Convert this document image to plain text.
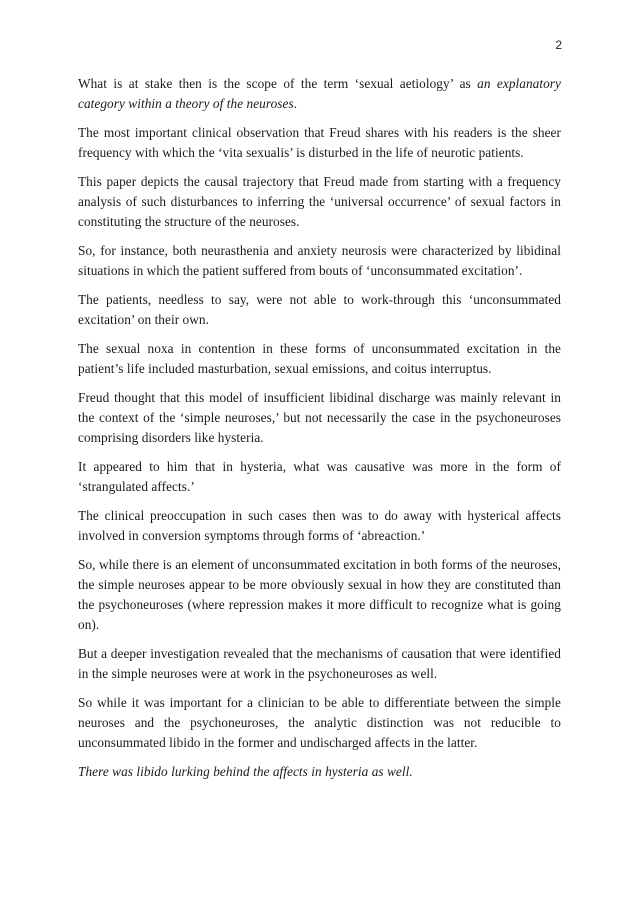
2

What is at stake then is the scope of the term ‘sexual aetiology’ as an explanatory category within a theory of the neuroses.

The most important clinical observation that Freud shares with his readers is the sheer frequency with which the ‘vita sexualis’ is disturbed in the life of neurotic patients.

This paper depicts the causal trajectory that Freud made from starting with a frequency analysis of such disturbances to inferring the ‘universal occurrence’ of sexual factors in constituting the structure of the neuroses.

So, for instance, both neurasthenia and anxiety neurosis were characterized by libidinal situations in which the patient suffered from bouts of ‘unconsummated excitation’.

The patients, needless to say, were not able to work-through this ‘unconsummated excitation’ on their own.

The sexual noxa in contention in these forms of unconsummated excitation in the patient’s life included masturbation, sexual emissions, and coitus interruptus.

Freud thought that this model of insufficient libidinal discharge was mainly relevant in the context of the ‘simple neuroses,’ but not necessarily the case in the psychoneuroses comprising disorders like hysteria.

It appeared to him that in hysteria, what was causative was more in the form of ‘strangulated affects.’

The clinical preoccupation in such cases then was to do away with hysterical affects involved in conversion symptoms through forms of ‘abreaction.’

So, while there is an element of unconsummated excitation in both forms of the neuroses, the simple neuroses appear to be more obviously sexual in how they are constituted than the psychoneuroses (where repression makes it more difficult to recognize what is going on).

But a deeper investigation revealed that the mechanisms of causation that were identified in the simple neuroses were at work in the psychoneuroses as well.

So while it was important for a clinician to be able to differentiate between the simple neuroses and the psychoneuroses, the analytic distinction was not reducible to unconsummated libido in the former and undischarged affects in the latter.

There was libido lurking behind the affects in hysteria as well.
